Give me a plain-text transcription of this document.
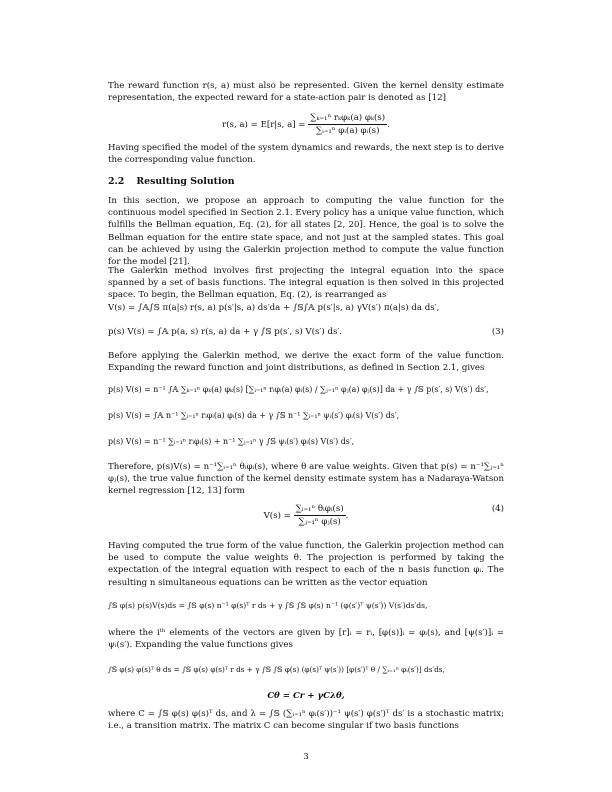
The reward function r(s, a) must also be represented. Given the kernel density estimate representation, the expected reward for a state-action pair is denoted as [12]
r(s, a) = E[r|s, $a] = \frac{\text{∑ₖ₌₁ⁿ rₖφₖ(a) φₖ(s)}}{\text{∑ᵢ₌₁ⁿ φᵢ(a) φᵢ(s)}}$ .
Having specified the model of the system dynamics and rewards, the next step is to derive the corresponding value function.
2.2 Resulting Solution
In this section, we propose an approach to computing the value function for the continuous model specified in Section 2.1. Every policy has a unique value function, which fulfills the Bellman equation, Eq. (2), for all states [2, 20]. Hence, the goal is to solve the Bellman equation for the entire state space, and not just at the sampled states. This goal can be achieved by using the Galerkin projection method to compute the value function for the model [21].
The Galerkin method involves first projecting the integral equation into the space spanned by a set of basis functions. The integral equation is then solved in this projected space. To begin, the Bellman equation, Eq. (2), is rearranged as
V(s) = ∫𝔸∫𝕊 π(a|s) r(s, a) p(s′|s, a) ds′da + ∫𝕊∫𝔸 p(s′|s, a) γV(s′) π(a|s) da ds′,
p(s) V(s) = ∫𝔸 p(a, s) r(s, a) da + γ ∫𝕊 p(s′, s) V(s′) ds′.	(3)
Before applying the Galerkin method, we derive the exact form of the value function. Expanding the reward function and joint distributions, as defined in Section 2.1, gives
p(s) V(s) = n⁻¹ ∫𝔸 ∑ₖ₌₁ⁿ φₖ(a) φₖ(s) [∑ᵢ₌₁ⁿ rᵢφᵢ(a) φᵢ(s) / ∑ⱼ₌₁ⁿ φⱼ(a) φⱼ(s)] da + γ ∫𝕊 p(s′, s) V(s′) ds′,
p(s) V(s) = ∫𝔸 n⁻¹ ∑ᵢ₌₁ⁿ rᵢφᵢ(a) φᵢ(s) da + γ ∫𝕊 n⁻¹ ∑ᵢ₌₁ⁿ ψᵢ(s′) φᵢ(s) V(s′) ds′,
p(s) V(s) = n⁻¹ ∑ᵢ₌₁ⁿ rᵢφᵢ(s) + n⁻¹ ∑ⱼ₌₁ⁿ γ ∫𝕊 ψᵢ(s′) φᵢ(s) V(s′) ds′,
Therefore, p(s)V(s) = n⁻¹∑ᵢ₌₁ⁿ θᵢφᵢ(s), where θ are value weights. Given that p(s) = n⁻¹∑ⱼ₌₁ⁿ φⱼ(s), the true value function of the kernel density estimate system has a Nadaraya-Watson kernel regression [12, 13] form
$V(s) = \frac{\text{∑ᵢ₌₁ⁿ θᵢφᵢ(s)}}{\text{∑ⱼ₌₁ⁿ φⱼ(s)}}$ .
(4)
Having computed the true form of the value function, the Galerkin projection method can be used to compute the value weights θ. The projection is performed by taking the expectation of the integral equation with respect to each of the n basis function φᵢ. The resulting n simultaneous equations can be written as the vector equation
∫𝕊 φ(s) p(s)V(s)ds = ∫𝕊 φ(s) n⁻¹ φ(s)ᵀ r ds + γ ∫𝕊 ∫𝕊 φ(s) n⁻¹ (φ(s′)ᵀ ψ(s′)) V(s′)ds′ds,
where the iᵗʰ elements of the vectors are given by [r]ᵢ = rᵢ, [φ(s)]ᵢ = φᵢ(s), and [ψ(s′)]ᵢ = ψᵢ(s′). Expanding the value functions gives
∫𝕊 φ(s) φ(s)ᵀ θ ds = ∫𝕊 φ(s) φ(s)ᵀ r ds + γ ∫𝕊 ∫𝕊 φ(s) (φ(s)ᵀ ψ(s′)) [φ(s′)ᵀ θ / ∑ᵢ₌₁ⁿ φᵢ(s′)] ds′ds,
Cθ = Cr + γCλθ,
where C = ∫𝕊 φ(s) φ(s)ᵀ ds, and λ = ∫𝕊 (∑ᵢ₌₁ⁿ φᵢ(s′))⁻¹ ψ(s′) φ(s′)ᵀ ds′ is a stochastic matrix; i.e., a transition matrix. The matrix C can become singular if two basis functions
3
